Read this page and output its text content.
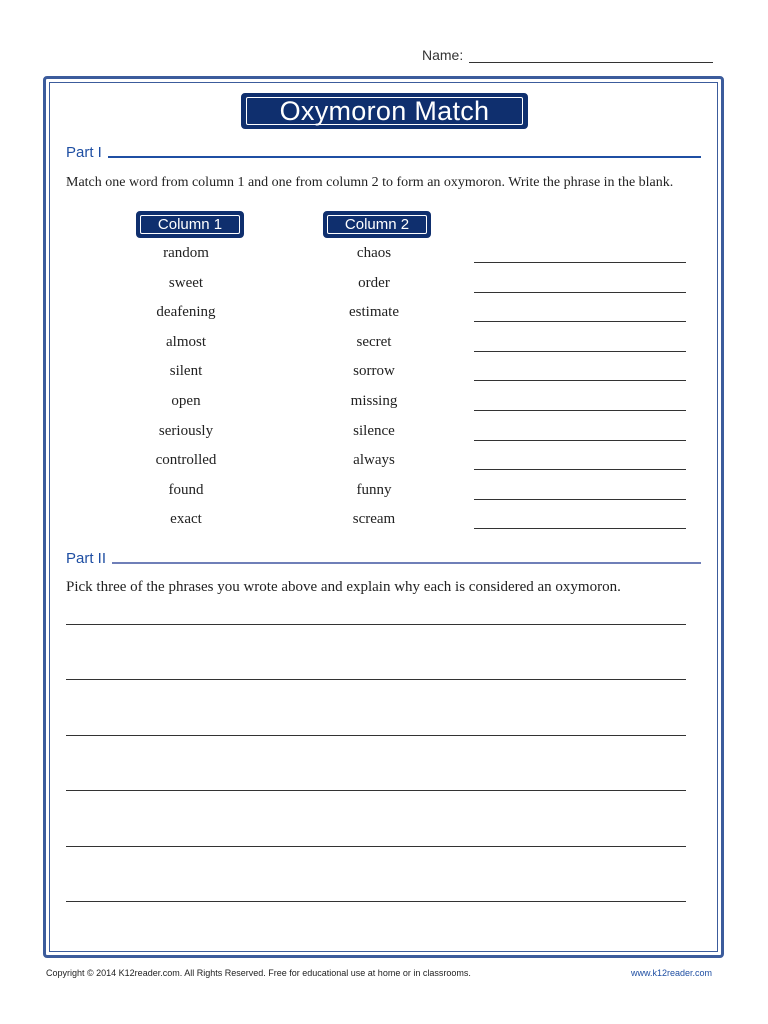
Name:
Oxymoron Match
Part I
Match one word from column 1 and one from column 2 to form an oxymoron. Write the phrase in the blank.
Column 1	Column 2
random	chaos
sweet	order
deafening	estimate
almost	secret
silent	sorrow
open	missing
seriously	silence
controlled	always
found	funny
exact	scream
Part II
Pick three of the phrases you wrote above and explain why each is considered an oxymoron.
Copyright © 2014 K12reader.com. All Rights Reserved. Free for educational use at home or in classrooms.	www.k12reader.com
